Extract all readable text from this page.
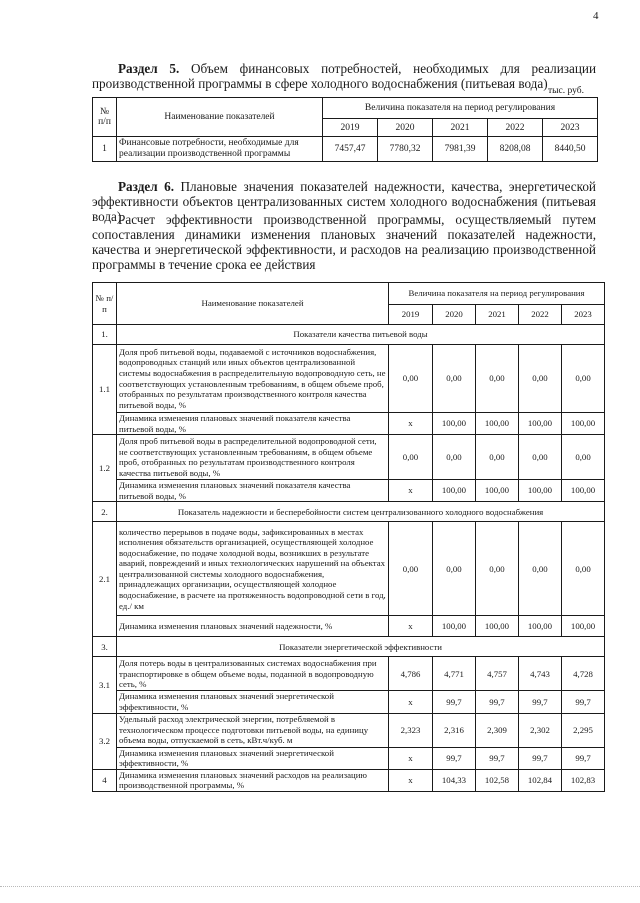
4

Раздел 5. Объем финансовых потребностей, необходимых для реализации производственной программы в сфере холодного водоснабжения (питьевая вода) тыс. руб.
№ п/п	Наименование показателей	Величина показателя на период регулирования				
		2019	2020	2021	2022	2023
1	Финансовые потребности, необходимые для реализации производственной программы	7457,47	7780,32	7981,39	8208,08	8440,50

Раздел 6. Плановые значения показателей надежности, качества, энергетической эффективности объектов централизованных систем холодного водоснабжения (питьевая вода).

Расчет эффективности производственной программы, осуществляемый путем сопоставления динамики изменения плановых значений показателей надежности, качества и энергетической эффективности, и расходов на реализацию производственной программы в течение срока ее действия

№ п/ п	Наименование показателей	Величина показателя на период регулирования				
		2019	2020	2021	2022	2023
1.	Показатели качества питьевой воды					
1.1	Доля проб питьевой воды, подаваемой с источников водоснабжения, водопроводных станций или иных объектов централизованной системы водоснабжения в распределительную водопроводную сеть, не соответствующих установленным требованиям, в общем объеме проб, отобранных по результатам производственного контроля качества питьевой воды, %	0,00	0,00	0,00	0,00	0,00
	Динамика изменения плановых значений показателя качества питьевой воды, %	x	100,00	100,00	100,00	100,00
1.2	Доля проб питьевой воды в распределительной водопроводной сети, не соответствующих установленным требованиям, в общем объеме проб, отобранных по результатам производственного контроля качества питьевой воды, %	0,00	0,00	0,00	0,00	0,00
	Динамика изменения плановых значений показателя качества питьевой воды, %	x	100,00	100,00	100,00	100,00
2.	Показатель надежности и бесперебойности систем централизованного холодного водоснабжения					
2.1	количество перерывов в подаче воды, зафиксированных в местах исполнения обязательств организацией, осуществляющей холодное водоснабжение, по подаче холодной воды, возникших в результате аварий, повреждений и иных технологических нарушений на объектах централизованной системы холодного водоснабжения, принадлежащих организации, осуществляющей холодное водоснабжение, в расчете на протяженность водопроводной сети в год, ед./ км	0,00	0,00	0,00	0,00	0,00
	Динамика изменения плановых значений надежности, %	x	100,00	100,00	100,00	100,00
3.	Показатели энергетической эффективности					
3.1	Доля потерь воды в централизованных системах водоснабжения при транспортировке в общем объеме воды, поданной в водопроводную сеть, %	4,786	4,771	4,757	4,743	4,728
	Динамика изменения плановых значений энергетической эффективности, %	x	99,7	99,7	99,7	99,7
3.2	Удельный расход электрической энергии, потребляемой в технологическом процессе подготовки питьевой воды, на единицу объема воды, отпускаемой в сеть, кВт.ч/куб. м	2,323	2,316	2,309	2,302	2,295
	Динамика изменения плановых значений энергетической эффективности, %	x	99,7	99,7	99,7	99,7
4	Динамика изменения плановых значений расходов на реализацию производственной программы, %	x	104,33	102,58	102,84	102,83
